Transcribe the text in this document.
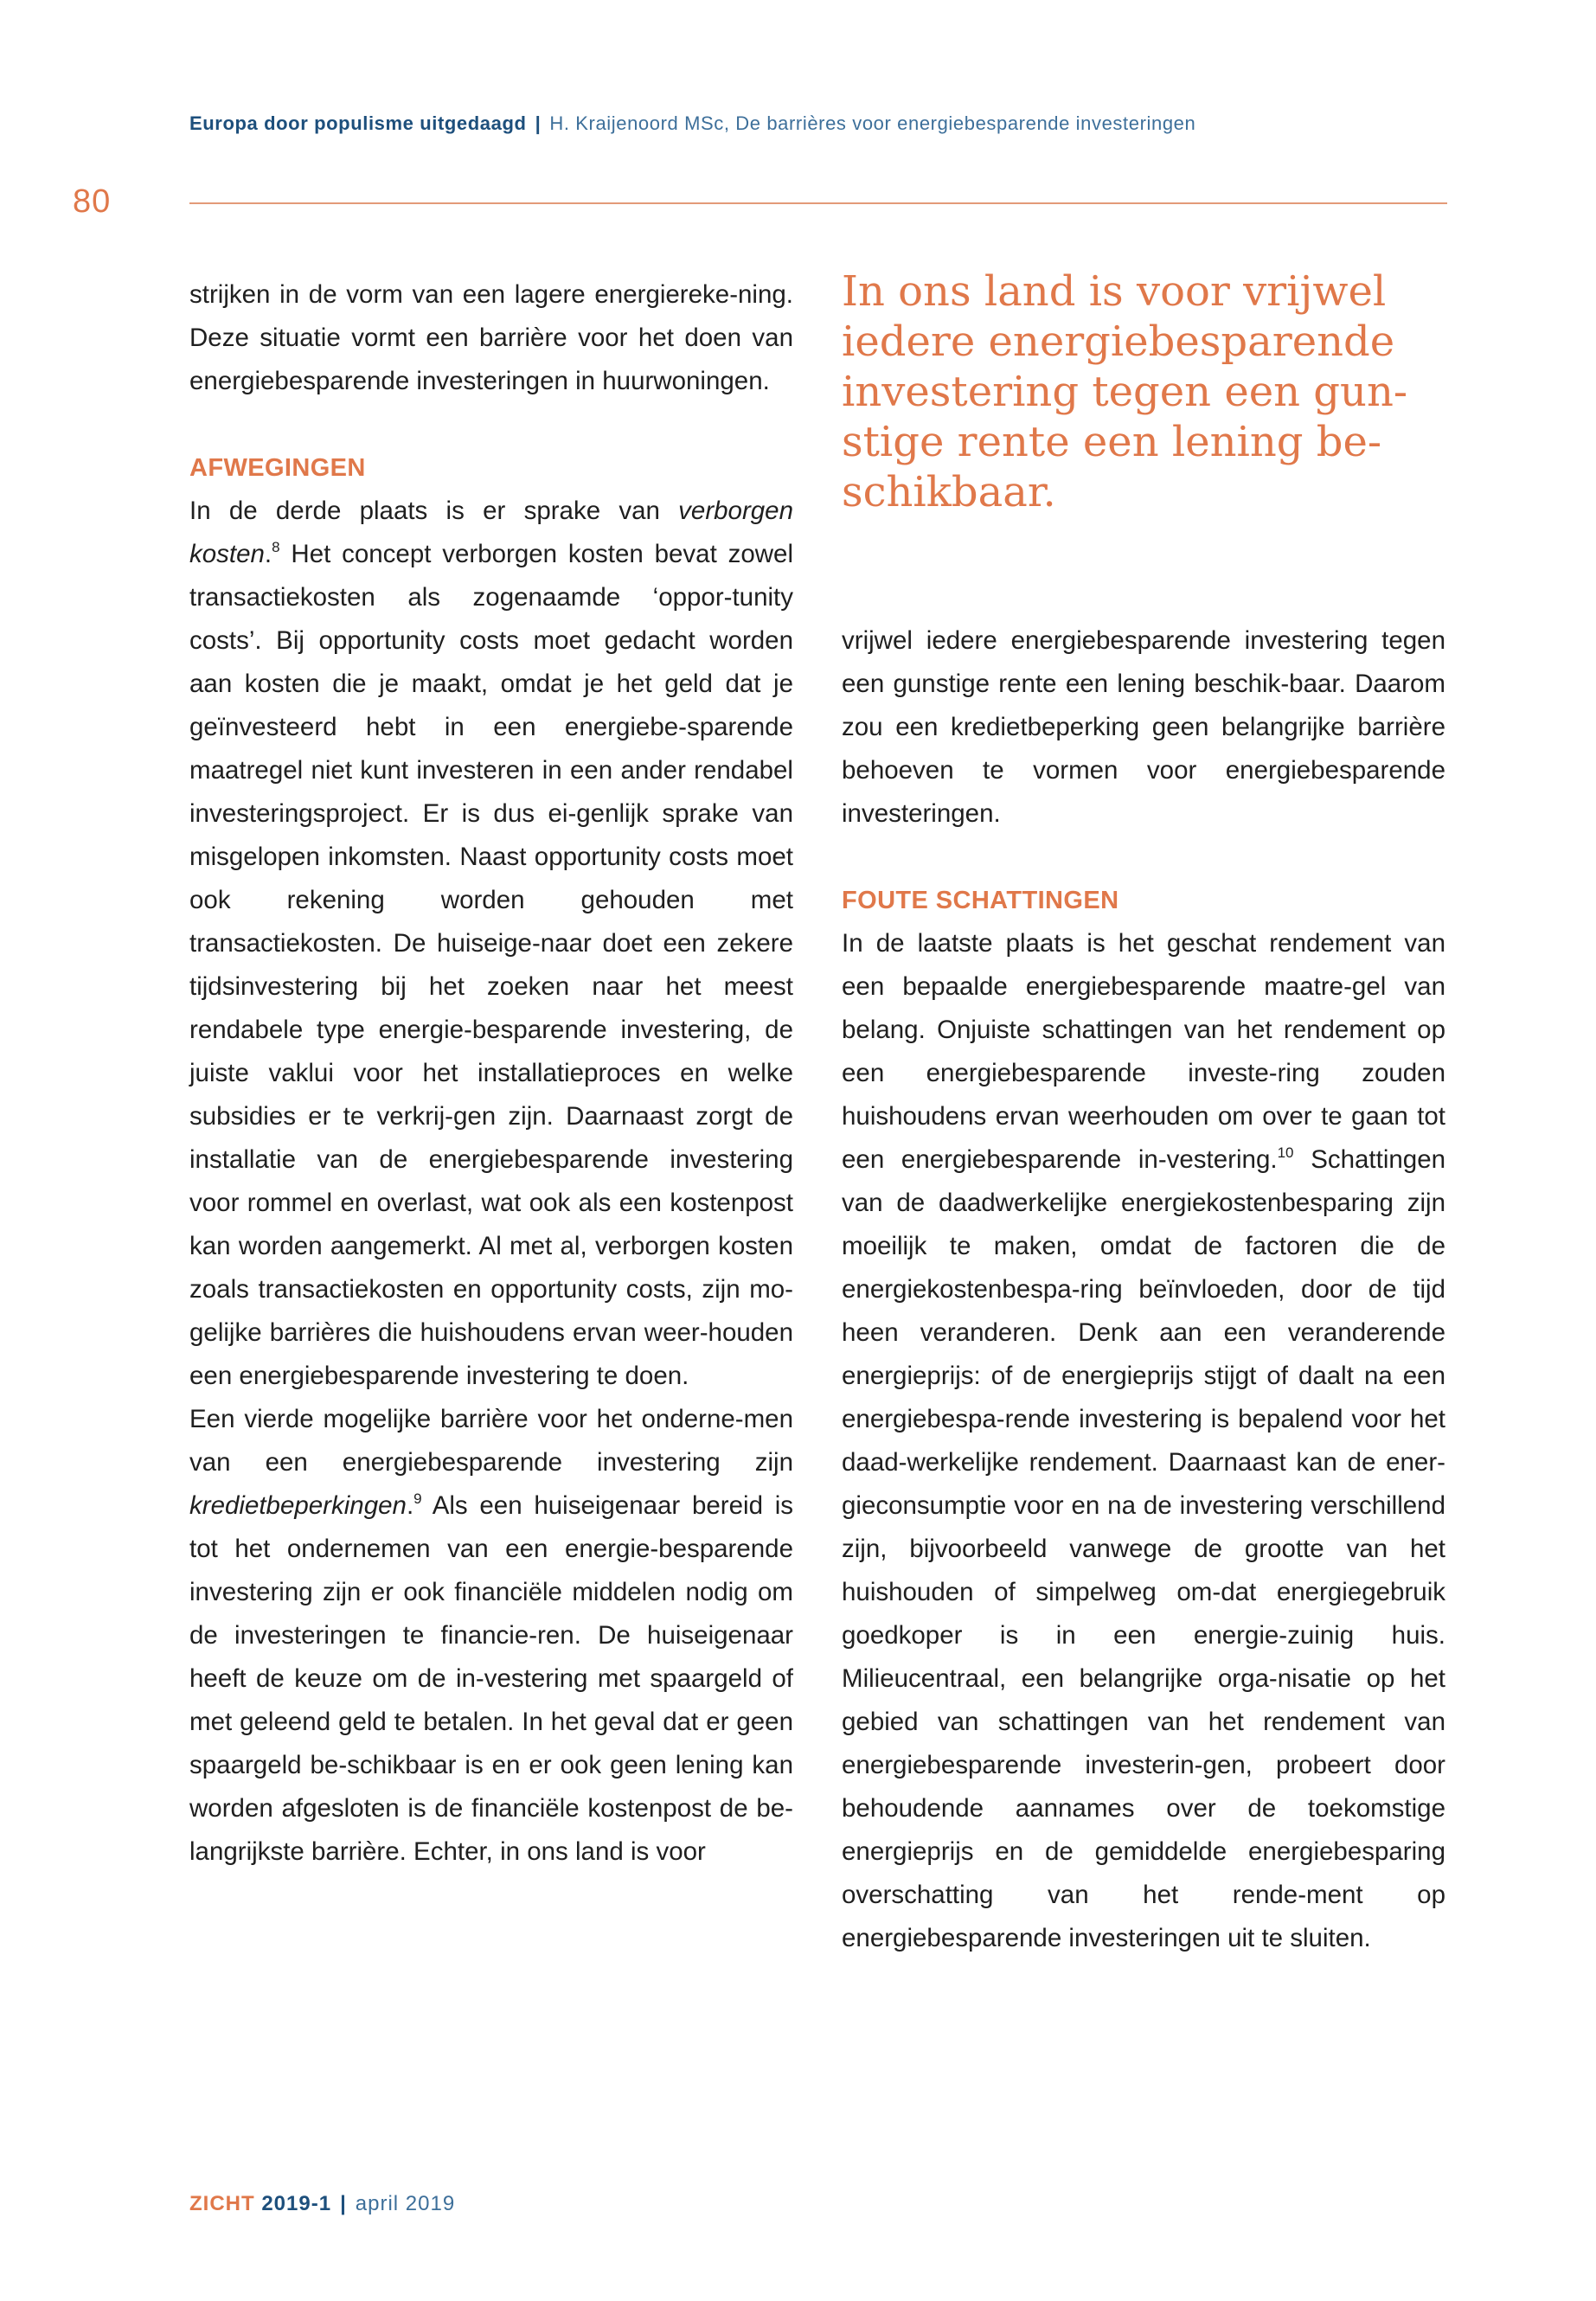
Europa door populisme uitgedaagd | H. Kraijenoord MSc, De barrières voor energiebesparende investeringen
80

strijken in de vorm van een lagere energiereke-ning. Deze situatie vormt een barrière voor het doen van energiebesparende investeringen in huurwoningen.

AFWEGINGEN

In de derde plaats is er sprake van verborgen kosten.$^8$ Het concept verborgen kosten bevat zowel transactiekosten als zogenaamde ‘oppor-tunity costs’. Bij opportunity costs moet gedacht worden aan kosten die je maakt, omdat je het geld dat je geïnvesteerd hebt in een energiebe-sparende maatregel niet kunt investeren in een ander rendabel investeringsproject. Er is dus ei-genlijk sprake van misgelopen inkomsten. Naast opportunity costs moet ook rekening worden gehouden met transactiekosten. De huiseige-naar doet een zekere tijdsinvestering bij het zoeken naar het meest rendabele type energie-besparende investering, de juiste vaklui voor het installatieproces en welke subsidies er te verkrij-gen zijn. Daarnaast zorgt de installatie van de energiebesparende investering voor rommel en overlast, wat ook als een kostenpost kan worden aangemerkt. Al met al, verborgen kosten zoals transactiekosten en opportunity costs, zijn mo-gelijke barrières die huishoudens ervan weer-houden een energiebesparende investering te doen.

Een vierde mogelijke barrière voor het onderne-men van een energiebesparende investering zijn kredietbeperkingen.$^9$ Als een huiseigenaar bereid is tot het ondernemen van een energie-besparende investering zijn er ook financiële middelen nodig om de investeringen te financie-ren. De huiseigenaar heeft de keuze om de in-vestering met spaargeld of met geleend geld te betalen. In het geval dat er geen spaargeld be-schikbaar is en er ook geen lening kan worden afgesloten is de financiële kostenpost de be-langrijkste barrière. Echter, in ons land is voor

In ons land is voor vrijwel iedere energiebesparende investering tegen een gun-stige rente een lening be-schikbaar.

vrijwel iedere energiebesparende investering tegen een gunstige rente een lening beschik-baar. Daarom zou een kredietbeperking geen belangrijke barrière behoeven te vormen voor energiebesparende investeringen.

FOUTE SCHATTINGEN

In de laatste plaats is het geschat rendement van een bepaalde energiebesparende maatre-gel van belang. Onjuiste schattingen van het rendement op een energiebesparende investe-ring zouden huishoudens ervan weerhouden om over te gaan tot een energiebesparende in-vestering.$^{10}$ Schattingen van de daadwerkelijke energiekostenbesparing zijn moeilijk te maken, omdat de factoren die de energiekostenbespa-ring beïnvloeden, door de tijd heen veranderen. Denk aan een veranderende energieprijs: of de energieprijs stijgt of daalt na een energiebespa-rende investering is bepalend voor het daad-werkelijke rendement. Daarnaast kan de ener-gieconsumptie voor en na de investering verschillend zijn, bijvoorbeeld vanwege de grootte van het huishouden of simpelweg om-dat energiegebruik goedkoper is in een energie-zuinig huis. Milieucentraal, een belangrijke orga-nisatie op het gebied van schattingen van het rendement van energiebesparende investerin-gen, probeert door behoudende aannames over de toekomstige energieprijs en de gemiddelde energiebesparing overschatting van het rende-ment op energiebesparende investeringen uit te sluiten.

ZICHT 2019-1 | april 2019
